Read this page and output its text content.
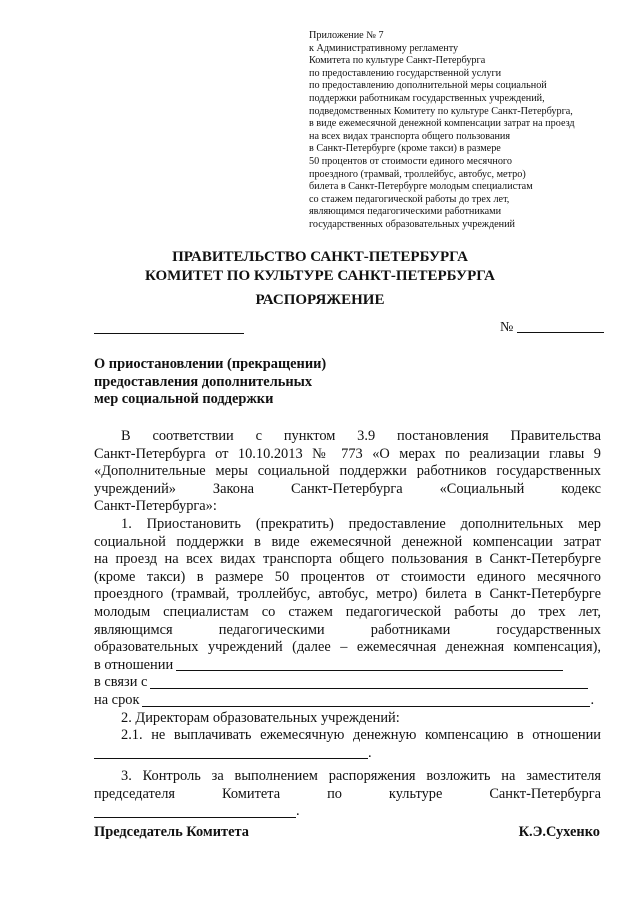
Приложение № 7
к Административному регламенту
Комитета по культуре Санкт-Петербурга
по предоставлению государственной услуги
по предоставлению дополнительной меры социальной
поддержки работникам государственных учреждений,
подведомственных Комитету по культуре Санкт-Петербурга,
в виде ежемесячной денежной компенсации затрат на проезд
на всех видах транспорта общего пользования
в Санкт-Петербурге (кроме такси) в размере
50 процентов от стоимости единого месячного
проездного (трамвай, троллейбус, автобус, метро)
билета в Санкт-Петербурге молодым специалистам
со стажем педагогической работы до трех лет,
являющимся педагогическими работниками
государственных образовательных учреждений
ПРАВИТЕЛЬСТВО САНКТ-ПЕТЕРБУРГА
КОМИТЕТ ПО КУЛЬТУРЕ САНКТ-ПЕТЕРБУРГА
РАСПОРЯЖЕНИЕ
№
О приостановлении (прекращении)
предоставления дополнительных
мер социальной поддержки
В соответствии с пунктом 3.9 постановления Правительства
Санкт-Петербурга от 10.10.2013 № 773 «О мерах по реализации главы 9
«Дополнительные меры социальной поддержки работников государственных
учреждений» Закона Санкт-Петербурга «Социальный кодекс
Санкт-Петербурга»:
1. Приостановить (прекратить) предоставление дополнительных мер
социальной поддержки в виде ежемесячной денежной компенсации затрат
на проезд на всех видах транспорта общего пользования в Санкт-Петербурге
(кроме такси) в размере 50 процентов от стоимости единого месячного
проездного (трамвай, троллейбус, автобус, метро) билета в Санкт-Петербурге
молодым специалистам со стажем педагогической работы до трех лет,
являющимся педагогическими работниками государственных
образовательных учреждений (далее – ежемесячная денежная компенсация),
в отношении
в связи с
на срок	.
2. Директорам образовательных учреждений:
2.1. не выплачивать ежемесячную денежную компенсацию в отношении
.
3. Контроль за выполнением распоряжения возложить на заместителя
председателя Комитета по культуре Санкт-Петербурга
.
Председатель Комитета	К.Э.Сухенко
